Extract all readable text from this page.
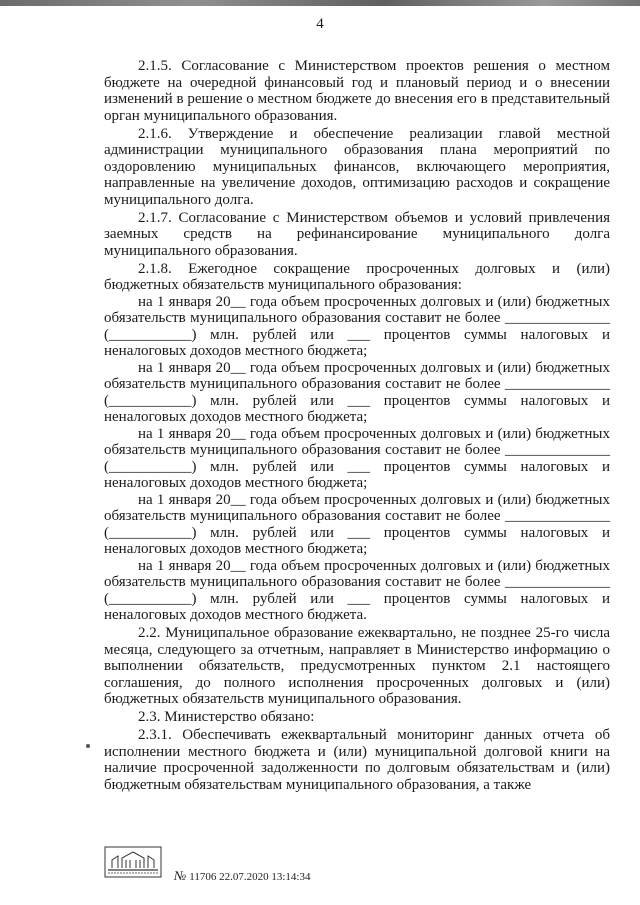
4

2.1.5. Согласование с Министерством проектов решения о местном бюджете на очередной финансовый год и плановый период и о внесении изменений в решение о местном бюджете до внесения его в представительный орган муниципального образования.

2.1.6. Утверждение и обеспечение реализации главой местной администрации муниципального образования плана мероприятий по оздоровлению муниципальных финансов, включающего мероприятия, направленные на увеличение доходов, оптимизацию расходов и сокращение муниципального долга.

2.1.7. Согласование с Министерством объемов и условий привлечения заемных средств на рефинансирование муниципального долга муниципального образования.

2.1.8. Ежегодное сокращение просроченных долговых и (или) бюджетных обязательств муниципального образования:

на 1 января 20__ года объем просроченных долговых и (или) бюджетных обязательств муниципального образования составит не более ______________ (___________) млн. рублей или ___ процентов суммы налоговых и неналоговых доходов местного бюджета;

на 1 января 20__ года объем просроченных долговых и (или) бюджетных обязательств муниципального образования составит не более ______________ (___________) млн. рублей или ___ процентов суммы налоговых и неналоговых доходов местного бюджета;

на 1 января 20__ года объем просроченных долговых и (или) бюджетных обязательств муниципального образования составит не более ______________ (___________) млн. рублей или ___ процентов суммы налоговых и неналоговых доходов местного бюджета;

на 1 января 20__ года объем просроченных долговых и (или) бюджетных обязательств муниципального образования составит не более ______________ (___________) млн. рублей или ___ процентов суммы налоговых и неналоговых доходов местного бюджета;

на 1 января 20__ года объем просроченных долговых и (или) бюджетных обязательств муниципального образования составит не более ______________ (___________) млн. рублей или ___ процентов суммы налоговых и неналоговых доходов местного бюджета.

2.2. Муниципальное образование ежеквартально, не позднее 25-го числа месяца, следующего за отчетным, направляет в Министерство информацию о выполнении обязательств, предусмотренных пунктом 2.1 настоящего соглашения, до полного исполнения просроченных долговых и (или) бюджетных обязательств муниципального образования.

2.3. Министерство обязано:

2.3.1. Обеспечивать ежеквартальный мониторинг данных отчета об исполнении местного бюджета и (или) муниципальной долговой книги на наличие просроченной задолженности по долговым обязательствам и (или) бюджетным обязательствам муниципального образования, а также

№ 11706 22.07.2020 13:14:34
